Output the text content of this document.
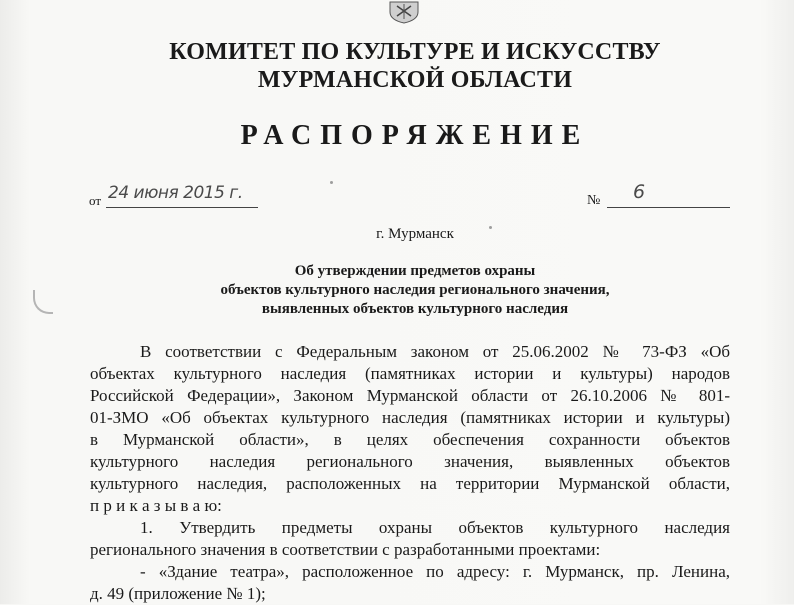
КОМИТЕТ ПО КУЛЬТУРЕ И ИСКУССТВУ
МУРМАНСКОЙ ОБЛАСТИ
РАСПОРЯЖЕНИЕ
от 24 июня 2015 г.	№ 6
г. Мурманск
Об утверждении предметов охраны
объектов культурного наследия регионального значения,
выявленных объектов культурного наследия

В соответствии с Федеральным законом от 25.06.2002 № 73-ФЗ «Об

объектах культурного наследия (памятниках истории и культуры) народов

Российской Федерации», Законом Мурманской области от 26.10.2006 № 801-

01-ЗМО «Об объектах культурного наследия (памятниках истории и культуры)

в Мурманской области», в целях обеспечения сохранности объектов

культурного наследия регионального значения, выявленных объектов

культурного наследия, расположенных на территории Мурманской области,

п р и к а з ы в а ю:

1. Утвердить предметы охраны объектов культурного наследия

регионального значения в соответствии с разработанными проектами:

- «Здание театра», расположенное по адресу: г. Мурманск, пр. Ленина,

д. 49 (приложение № 1);
